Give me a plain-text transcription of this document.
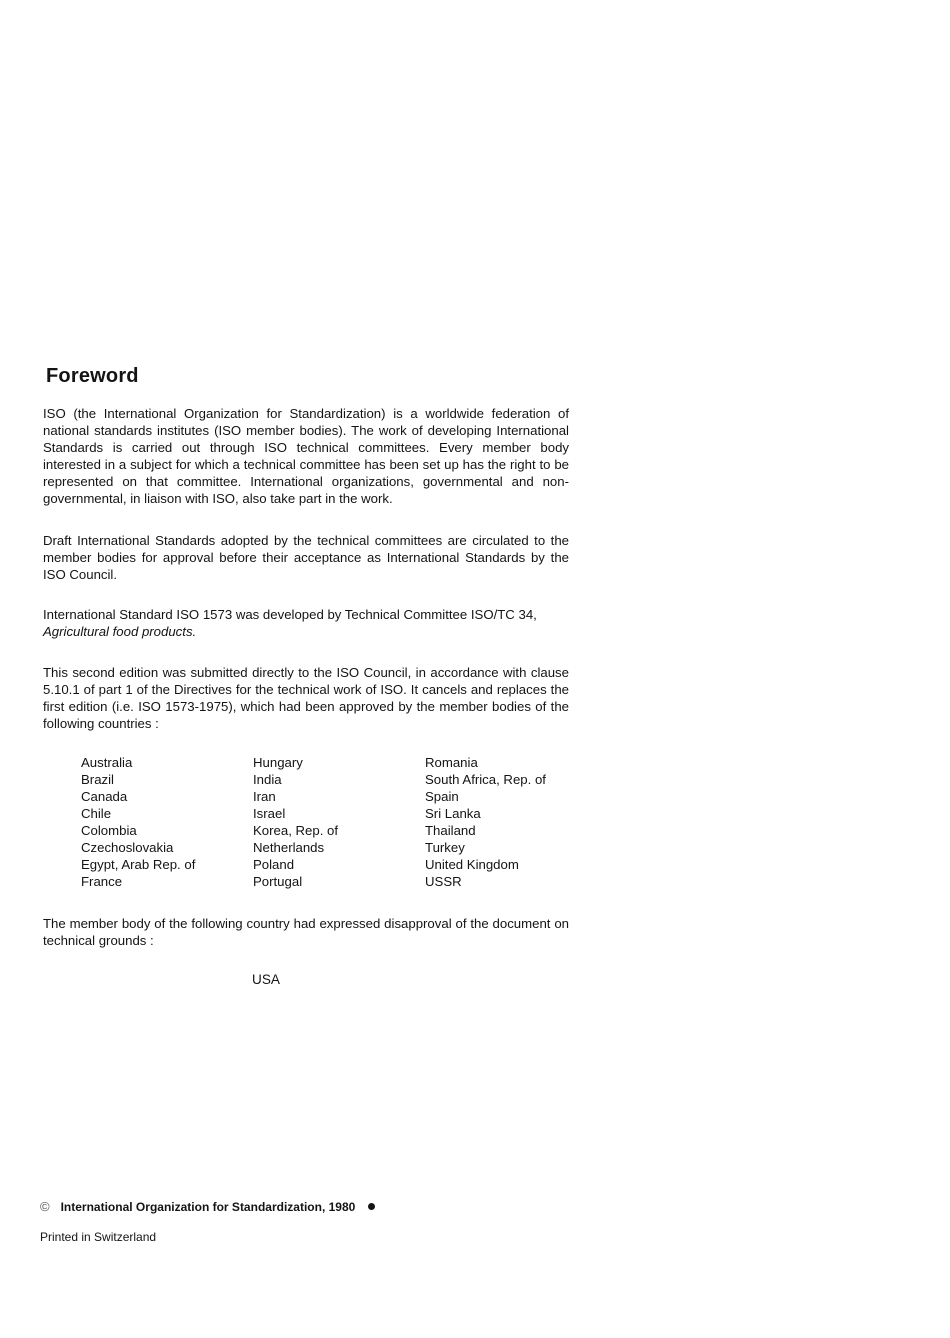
Foreword
ISO (the International Organization for Standardization) is a worldwide federation of national standards institutes (ISO member bodies). The work of developing International Standards is carried out through ISO technical committees. Every member body interested in a subject for which a technical committee has been set up has the right to be represented on that committee. International organizations, governmental and non-governmental, in liaison with ISO, also take part in the work.
Draft International Standards adopted by the technical committees are circulated to the member bodies for approval before their acceptance as International Standards by the ISO Council.
International Standard ISO 1573 was developed by Technical Committee ISO/TC 34,
Agricultural food products.
This second edition was submitted directly to the ISO Council, in accordance with clause 5.10.1 of part 1 of the Directives for the technical work of ISO. It cancels and replaces the first edition (i.e. ISO 1573-1975), which had been approved by the member bodies of the following countries :
Australia
Brazil
Canada
Chile
Colombia
Czechoslovakia
Egypt, Arab Rep. of
France
Hungary
India
Iran
Israel
Korea, Rep. of
Netherlands
Poland
Portugal
Romania
South Africa, Rep. of
Spain
Sri Lanka
Thailand
Turkey
United Kingdom
USSR
The member body of the following country had expressed disapproval of the document on technical grounds :
USA
© International Organization for Standardization, 1980
Printed in Switzerland
